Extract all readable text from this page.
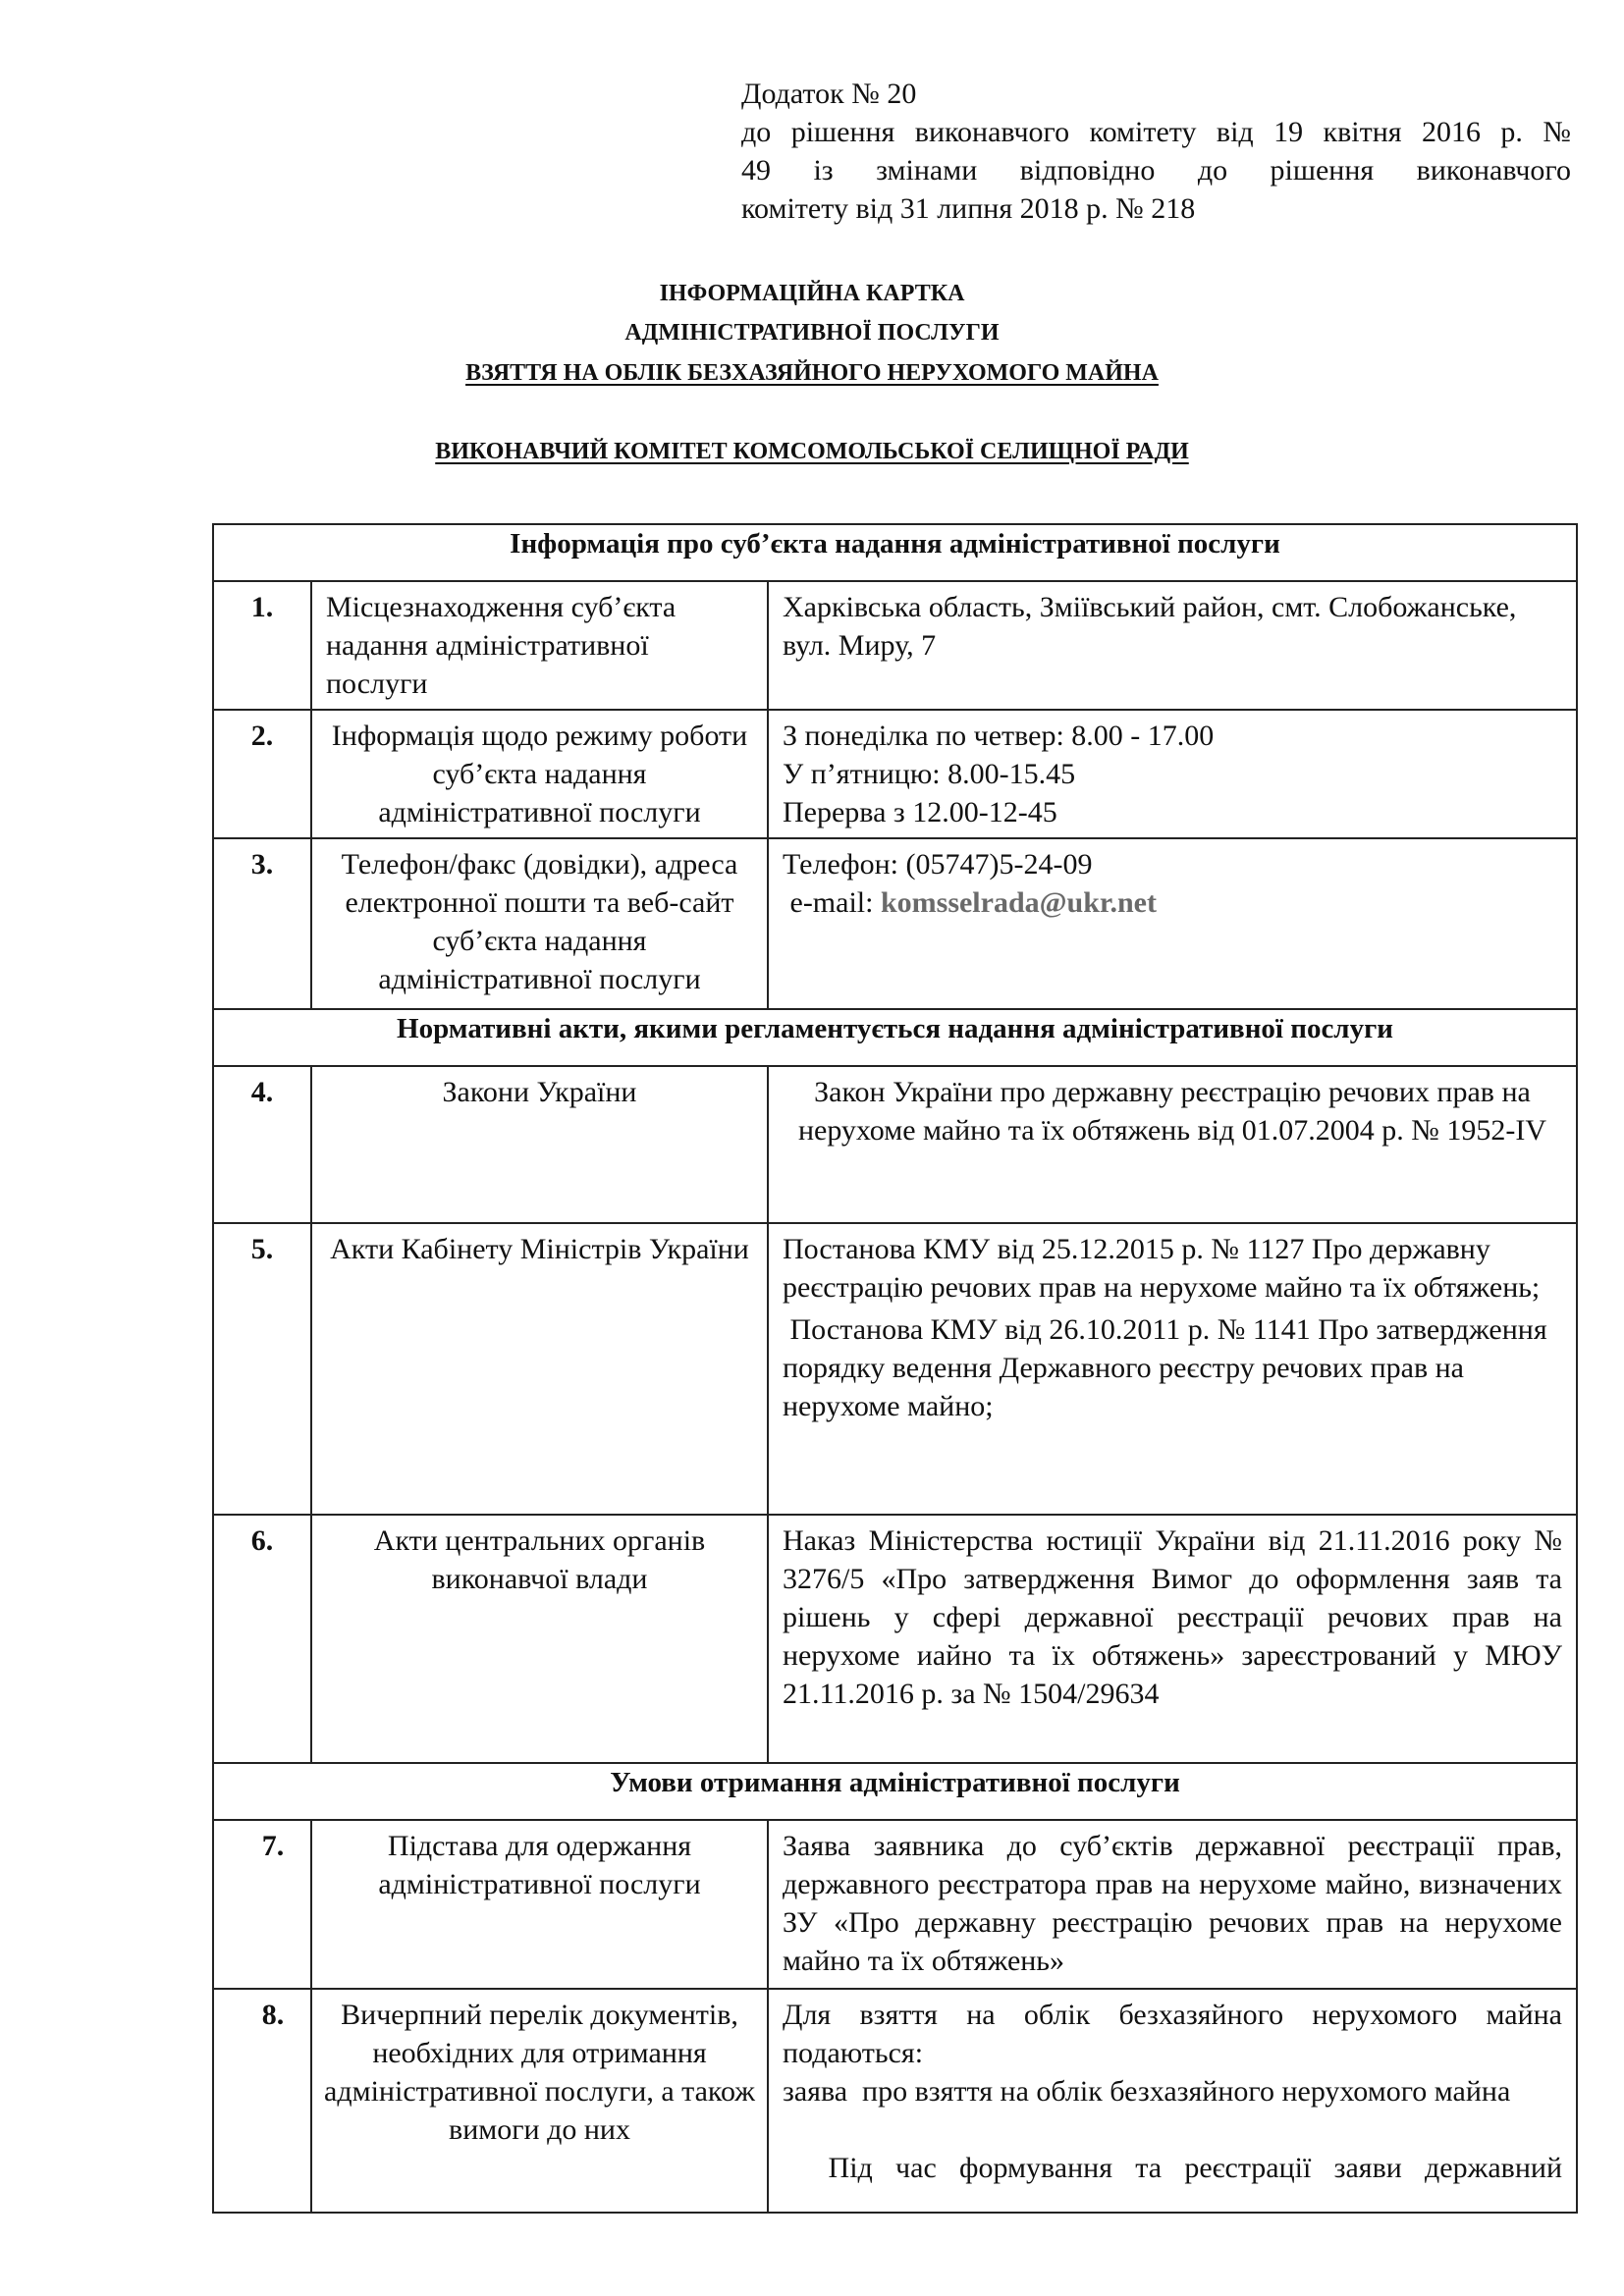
Додаток № 20
до рішення виконавчого комітету від 19 квітня 2016 р. №
49 із змінами відповідно до рішення виконавчого
комітету від 31 липня 2018 р. № 218
ІНФОРМАЦІЙНА КАРТКА
АДМІНІСТРАТИВНОЇ ПОСЛУГИ
ВЗЯТТЯ НА ОБЛІК БЕЗХАЗЯЙНОГО НЕРУХОМОГО МАЙНА
ВИКОНАВЧИЙ КОМІТЕТ КОМСОМОЛЬСЬКОЇ СЕЛИЩНОЇ РАДИ
Інформація про суб’єкта надання адміністративної послуги		
1.	Місцезнаходження суб’єкта надання адміністративної послуги	Харківська область, Зміївський район, смт. Слобожанське, вул. Миру, 7
2.	Інформація щодо режиму роботи суб’єкта надання адміністративної послуги	З понеділка по четвер: 8.00 - 17.00

У п’ятницю: 8.00-15.45

Перерва з 12.00-12-45

3.	Телефон/факс (довідки), адреса електронної пошти та веб-сайт суб’єкта надання адміністративної послуги	Телефон: (05747)5-24-09

e-mail: komsselrada@ukr.net

Нормативні акти, якими регламентується надання адміністративної послуги		
4.	Закони України	Закон України про державну реєстрацію речових прав на нерухоме майно та їх обтяжень від 01.07.2004 р. № 1952-IV
5.	Акти Кабінету Міністрів України	Постанова КМУ від 25.12.2015 р. № 1127 Про державну реєстрацію речових прав на нерухоме майно та їх обтяжень;

Постанова КМУ від 26.10.2011 р. № 1141 Про затвердження порядку ведення Державного реєстру речових прав на нерухоме майно;

6.	Акти центральних органів виконавчої влади	Наказ Міністерства юстиції України від 21.11.2016 року № 3276/5 «Про затвердження Вимог до оформлення заяв та рішень у сфері державної реєстрації речових прав на нерухоме иайно та їх обтяжень» зареєстрований у МЮУ 21.11.2016 р. за № 1504/29634
Умови отримання адміністративної послуги		
7.	Підстава для одержання адміністративної послуги	Заява заявника до суб’єктів державної реєстрації прав, державного реєстратора прав на нерухоме майно, визначених ЗУ «Про державну реєстрацію речових прав на нерухоме майно та їх обтяжень»
8.	Вичерпний перелік документів, необхідних для отримання адміністративної послуги, а також вимоги до них	Для взяття на облік безхазяйного нерухомого майна подаються:

заява  про взяття на облік безхазяйного нерухомого майна

Під час формування та реєстрації заяви державний
